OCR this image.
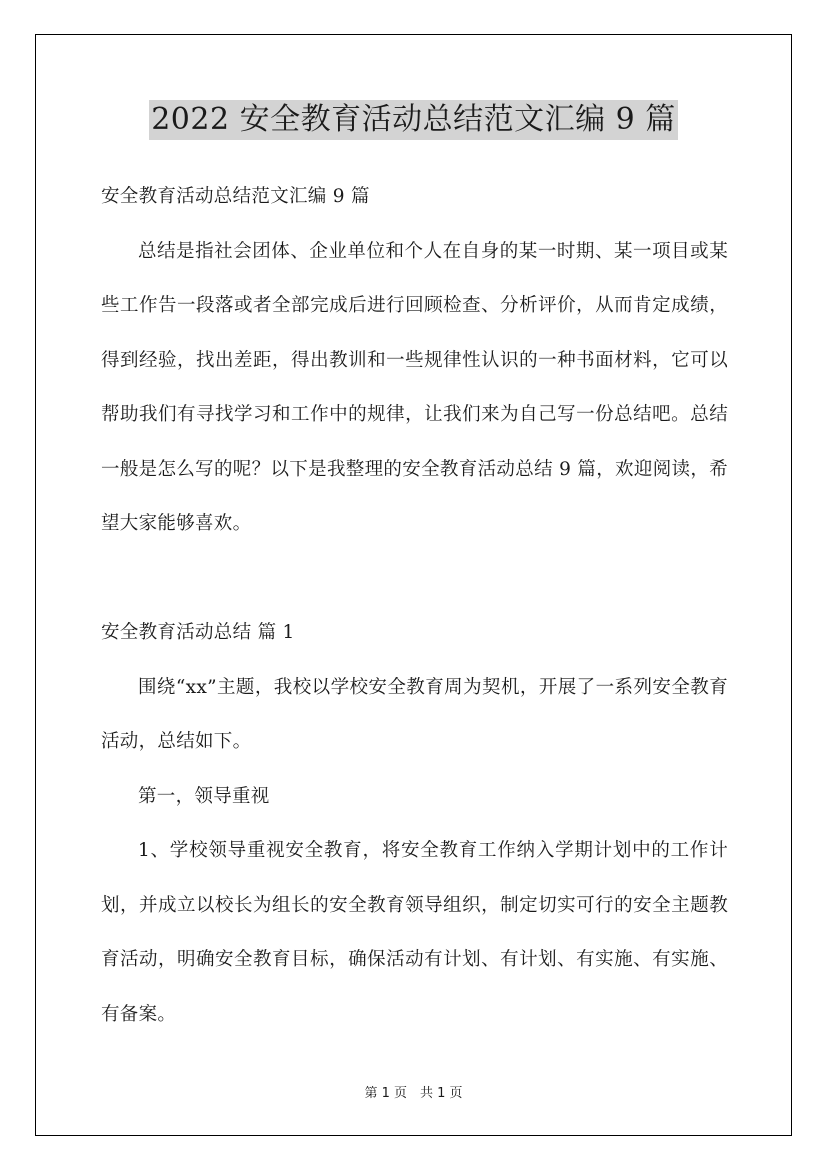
2022 安全教育活动总结范文汇编 9 篇

安全教育活动总结范文汇编 9 篇

总结是指社会团体、企业单位和个人在自身的某一时期、某一项目或某些工作告一段落或者全部完成后进行回顾检查、分析评价，从而肯定成绩，得到经验，找出差距，得出教训和一些规律性认识的一种书面材料，它可以帮助我们有寻找学习和工作中的规律，让我们来为自己写一份总结吧。总结一般是怎么写的呢？以下是我整理的安全教育活动总结 9 篇，欢迎阅读，希望大家能够喜欢。

安全教育活动总结 篇 1

围绕“xx”主题，我校以学校安全教育周为契机，开展了一系列安全教育活动，总结如下。

第一，领导重视

1、学校领导重视安全教育，将安全教育工作纳入学期计划中的工作计划，并成立以校长为组长的安全教育领导组织，制定切实可行的安全主题教育活动，明确安全教育目标，确保活动有计划、有计划、有实施、有实施、有备案。

第 1 页　共 1 页
